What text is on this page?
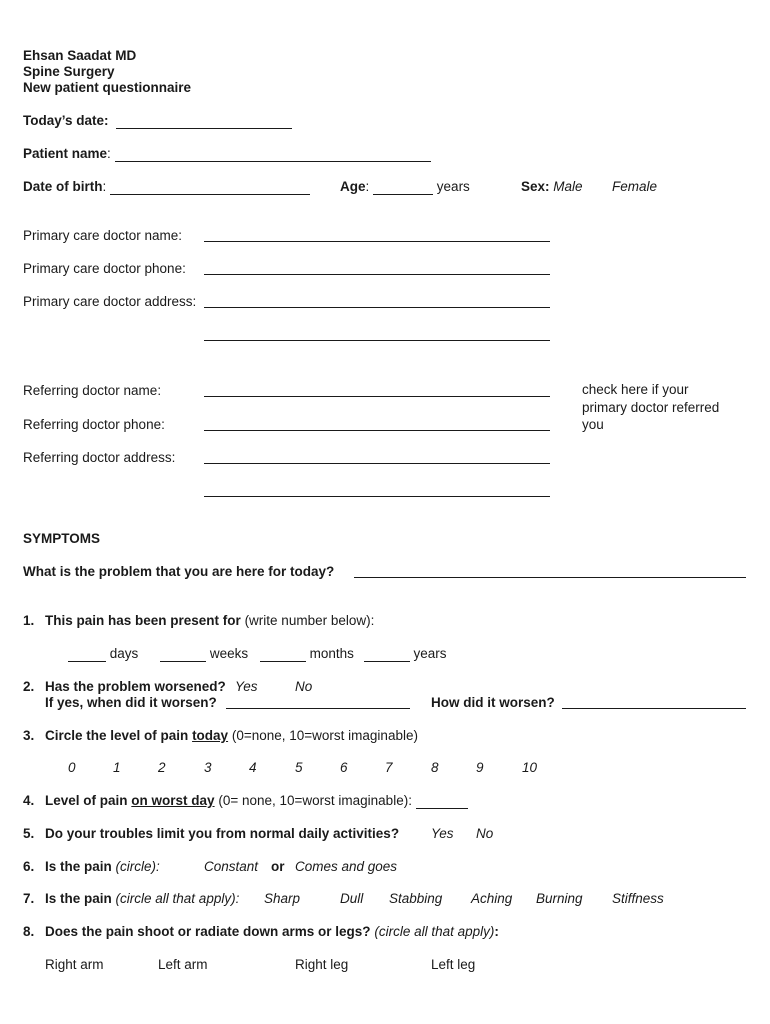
Ehsan Saadat MD
Spine Surgery
New patient questionnaire
Today’s date:
Patient name:
Date of birth:	Age:	years	Sex: Male Female
Primary care doctor name:
Primary care doctor phone:
Primary care doctor address:
Referring doctor name:
Referring doctor phone:
Referring doctor address:
check here if your
primary doctor referred
you
SYMPTOMS
What is the problem that you are here for today?
1. This pain has been present for (write number below):
days	weeks	months	years
2. Has the problem worsened? Yes	No
If yes, when did it worsen?	How did it worsen?
3. Circle the level of pain today (0=none, 10=worst imaginable)
0	1	2	3	4	5	6	7	8	9	10
4. Level of pain on worst day (0= none, 10=worst imaginable):
5. Do your troubles limit you from normal daily activities? Yes No
6. Is the pain (circle):	Constant or Comes and goes
7. Is the pain (circle all that apply): Sharp	Dull Stabbing Aching Burning Stiffness
8. Does the pain shoot or radiate down arms or legs? (circle all that apply):
Right arm	Left arm	Right leg	Left leg
